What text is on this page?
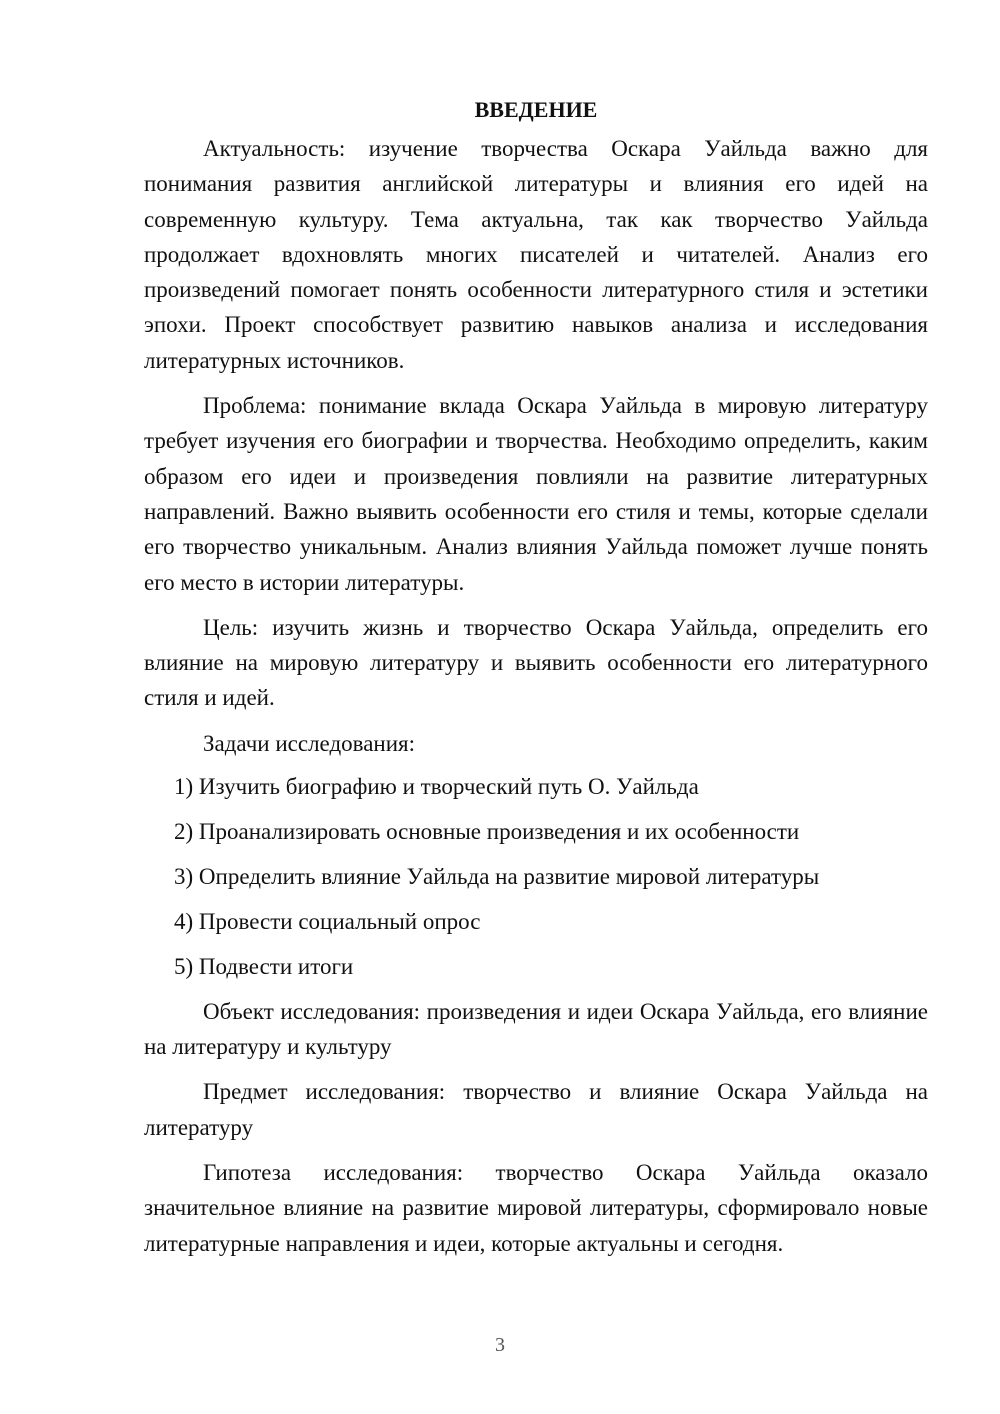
ВВЕДЕНИЕ

Актуальность: изучение творчества Оскара Уайльда важно для понимания развития английской литературы и влияния его идей на современную культуру. Тема актуальна, так как творчество Уайльда продолжает вдохновлять многих писателей и читателей. Анализ его произведений помогает понять особенности литературного стиля и эстетики эпохи. Проект способствует развитию навыков анализа и исследования литературных источников.

Проблема: понимание вклада Оскара Уайльда в мировую литературу требует изучения его биографии и творчества. Необходимо определить, каким образом его идеи и произведения повлияли на развитие литературных направлений. Важно выявить особенности его стиля и темы, которые сделали его творчество уникальным. Анализ влияния Уайльда поможет лучше понять его место в истории литературы.

Цель: изучить жизнь и творчество Оскара Уайльда, определить его влияние на мировую литературу и выявить особенности его литературного стиля и идей.

Задачи исследования:
1) Изучить биографию и творческий путь О. Уайльда
2) Проанализировать основные произведения и их особенности
3) Определить влияние Уайльда на развитие мировой литературы
4) Провести социальный опрос
5) Подвести итоги

Объект исследования: произведения и идеи Оскара Уайльда, его влияние на литературу и культуру

Предмет исследования: творчество и влияние Оскара Уайльда на литературу

Гипотеза исследования: творчество Оскара Уайльда оказало значительное влияние на развитие мировой литературы, сформировало новые литературные направления и идеи, которые актуальны и сегодня.

3
